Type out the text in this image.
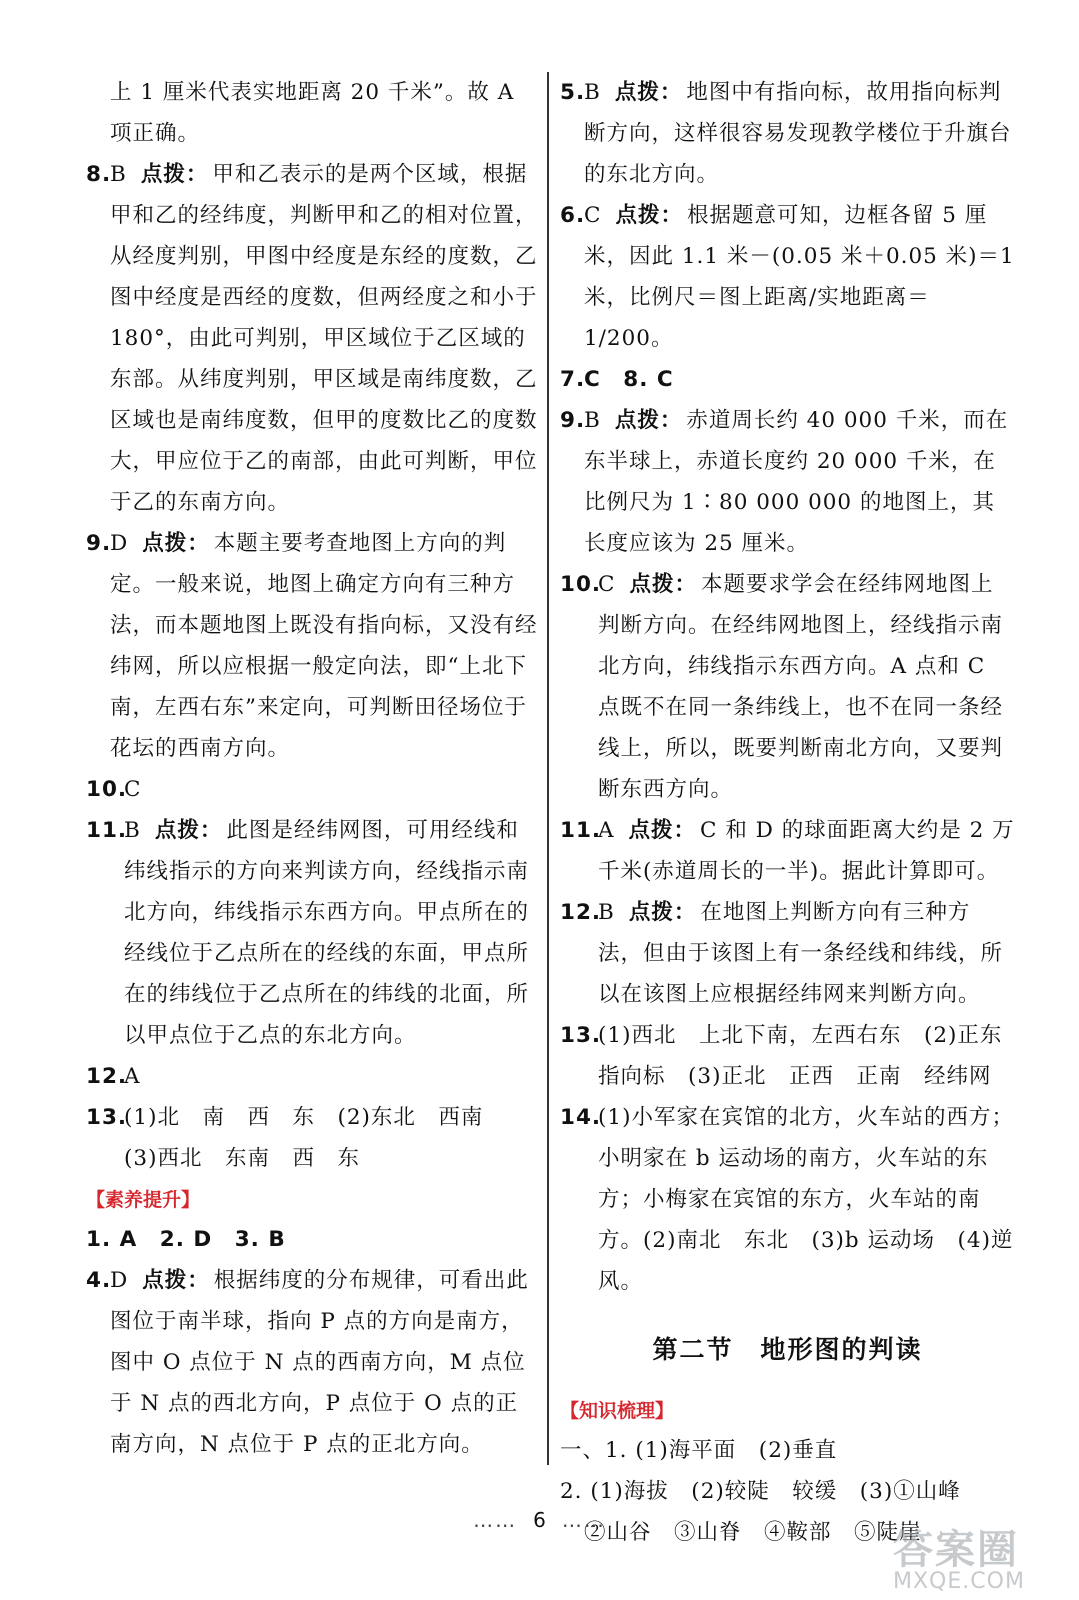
上 1 厘米代表实地距离 20 千米”。故 A 项正确。
8.
B 点拨： 甲和乙表示的是两个区域，根据甲和乙的经纬度，判断甲和乙的相对位置，从经度判别，甲图中经度是东经的度数，乙图中经度是西经的度数，但两经度之和小于 180°，由此可判别，甲区域位于乙区域的东部。从纬度判别，甲区域是南纬度数，乙区域也是南纬度数，但甲的度数比乙的度数大，甲应位于乙的南部，由此可判断，甲位于乙的东南方向。
9.
D 点拨： 本题主要考查地图上方向的判定。一般来说，地图上确定方向有三种方法，而本题地图上既没有指向标，又没有经纬网，所以应根据一般定向法，即“上北下南，左西右东”来定向，可判断田径场位于花坛的西南方向。
10.
C
11.
B 点拨： 此图是经纬网图，可用经线和纬线指示的方向来判读方向，经线指示南北方向，纬线指示东西方向。甲点所在的经线位于乙点所在的经线的东面，甲点所在的纬线位于乙点所在的纬线的北面，所以甲点位于乙点的东北方向。
12.
A
13.
(1)北　南　西　东　(2)东北　西南
(3)西北　东南　西　东
【素养提升】
1. A　2. D　3. B
4.
D 点拨： 根据纬度的分布规律，可看出此图位于南半球，指向 P 点的方向是南方，图中 O 点位于 N 点的西南方向，M 点位于 N 点的西北方向，P 点位于 O 点的正南方向，N 点位于 P 点的正北方向。
5.
B 点拨： 地图中有指向标，故用指向标判断方向，这样很容易发现教学楼位于升旗台的东北方向。
6.
C 点拨： 根据题意可知，边框各留 5 厘米，因此 1.1 米－(0.05 米＋0.05 米)＝1 米，比例尺＝图上距离/实地距离＝1/200。
7.
C　8. C
9.
B 点拨： 赤道周长约 40 000 千米，而在东半球上，赤道长度约 20 000 千米，在比例尺为 1∶80 000 000 的地图上，其长度应该为 25 厘米。
10.
C 点拨： 本题要求学会在经纬网地图上判断方向。在经纬网地图上，经线指示南北方向，纬线指示东西方向。A 点和 C 点既不在同一条纬线上，也不在同一条经线上，所以，既要判断南北方向，又要判断东西方向。
11.
A 点拨： C 和 D 的球面距离大约是 2 万千米(赤道周长的一半)。据此计算即可。
12.
B 点拨： 在地图上判断方向有三种方法，但由于该图上有一条经线和纬线，所以在该图上应根据经纬网来判断方向。
13.
(1)西北　上北下南，左西右东　(2)正东指向标　(3)正北　正西　正南　经纬网
14.
(1)小军家在宾馆的北方，火车站的西方；小明家在 b 运动场的南方，火车站的东方；小梅家在宾馆的东方，火车站的南方。(2)南北　东北　(3)b 运动场　(4)逆风。
第二节　地形图的判读
【知识梳理】
一、1. (1)海平面　(2)垂直
2. (1)海拔　(2)较陡　较缓　(3)①山峰
②山谷　③山脊　④鞍部　⑤陡崖
…… 6 ……
答案圈
MXQE.COM
